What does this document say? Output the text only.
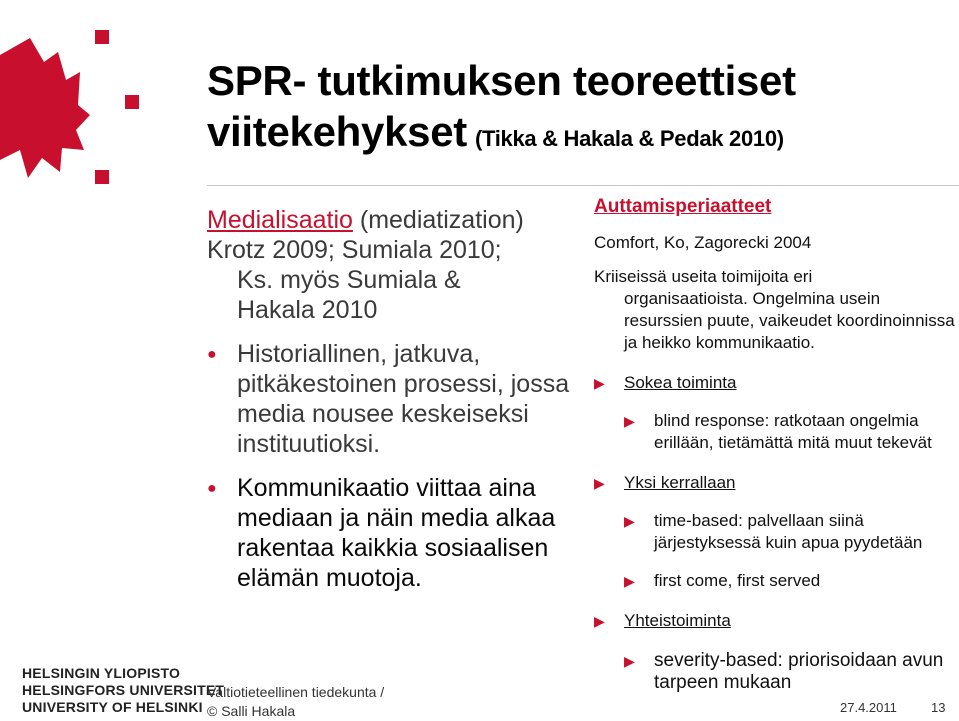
SPR- tutkimuksen teoreettiset
viitekehykset (Tikka & Hakala & Pedak 2010)
Medialisaatio (mediatization)
Krotz 2009; Sumiala 2010;
Ks. myös Sumiala &
Hakala 2010
● Historiallinen, jatkuva, pitkäkestoinen prosessi, jossa media nousee keskeiseksi instituutioksi.
● Kommunikaatio viittaa aina mediaan ja näin media alkaa rakentaa kaikkia sosiaalisen elämän muotoja.
Auttamisperiaatteet
Comfort, Ko, Zagorecki 2004
Kriiseissä useita toimijoita eri
organisaatioista. Ongelmina usein resurssien puute, vaikeudet koordinoinnissa ja heikko kommunikaatio.
▶ Sokea toiminta
▶ blind response: ratkotaan ongelmia erillään, tietämättä mitä muut tekevät
▶ Yksi kerrallaan
▶ time-based: palvellaan siinä järjestyksessä kuin apua pyydetään
▶ first come, first served
▶ Yhteistoiminta
▶ severity-based: priorisoidaan avun tarpeen mukaan
HELSINGIN YLIOPISTO
HELSINGFORS UNIVERSITET
UNIVERSITY OF HELSINKI
Valtiotieteellinen tiedekunta /
© Salli Hakala	27.4.2011	13
